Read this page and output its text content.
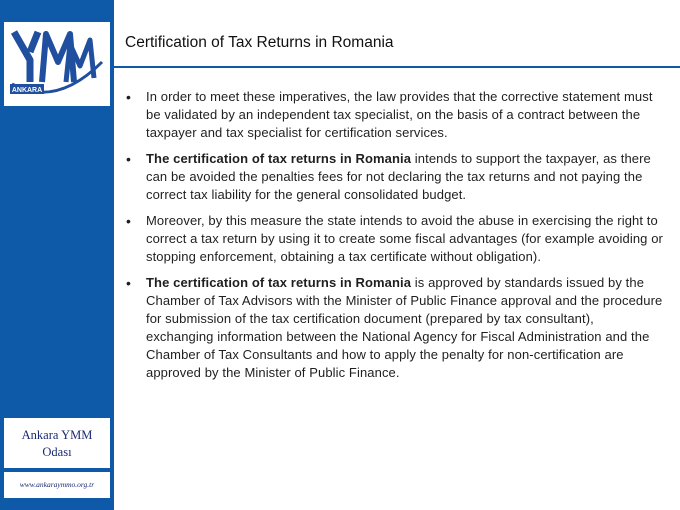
ANKARA
Ankara YMM
Odası
www.ankaraymmo.org.tr
Certification of Tax Returns in Romania
• In order to meet these imperatives, the law provides that the corrective statement must be validated by an independent tax specialist, on the basis of a contract between the taxpayer and tax specialist for certification services.
• The certification of tax returns in Romania intends to support the taxpayer, as there can be avoided the penalties fees for not declaring the tax returns and not paying the correct tax liability for the general consolidated budget.
• Moreover, by this measure the state intends to avoid the abuse in exercising the right to correct a tax return by using it to create some fiscal advantages (for example avoiding or stopping enforcement, obtaining a tax certificate without obligation).
• The certification of tax returns in Romania is approved by standards issued by the Chamber of Tax Advisors with the Minister of Public Finance approval and the procedure for submission of the tax certification document (prepared by tax consultant), exchanging information between the National Agency for Fiscal Administration and the Chamber of Tax Consultants and how to apply the penalty for non-certification are approved by the Minister of Public Finance.
